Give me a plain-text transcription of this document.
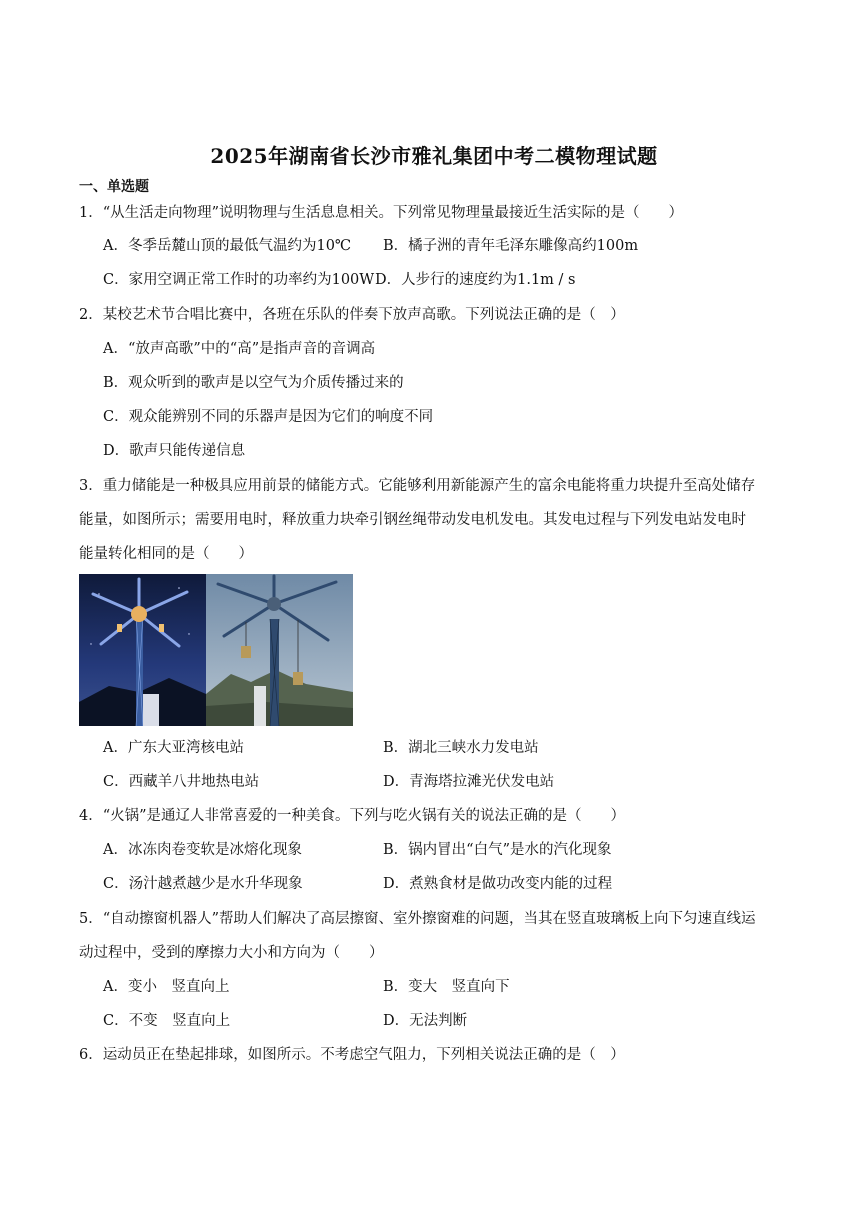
2025年湖南省长沙市雅礼集团中考二模物理试题
一、单选题
1．“从生活走向物理”说明物理与生活息息相关。下列常见物理量最接近生活实际的是（　　）
A．冬季岳麓山顶的最低气温约为10℃ B．橘子洲的青年毛泽东雕像高约100m
C．家用空调正常工作时的功率约为100W D．人步行的速度约为1.1m / s
2．某校艺术节合唱比赛中，各班在乐队的伴奏下放声高歌。下列说法正确的是（　）
A．“放声高歌”中的“高”是指声音的音调高
B．观众听到的歌声是以空气为介质传播过来的
C．观众能辨别不同的乐器声是因为它们的响度不同
D．歌声只能传递信息
3．重力储能是一种极具应用前景的储能方式。它能够利用新能源产生的富余电能将重力块提升至高处储存
能量，如图所示；需要用电时，释放重力块牵引钢丝绳带动发电机发电。其发电过程与下列发电站发电时
能量转化相同的是（　　）
A．广东大亚湾核电站	B．湖北三峡水力发电站
C．西藏羊八井地热电站	D．青海塔拉滩光伏发电站
4．“火锅”是通辽人非常喜爱的一种美食。下列与吃火锅有关的说法正确的是（　　）
A．冰冻肉卷变软是冰熔化现象	B．锅内冒出“白气”是水的汽化现象
C．汤汁越煮越少是水升华现象	D．煮熟食材是做功改变内能的过程
5．“自动擦窗机器人”帮助人们解决了高层擦窗、室外擦窗难的问题，当其在竖直玻璃板上向下匀速直线运
动过程中，受到的摩擦力大小和方向为（　　）
A．变小　竖直向上	B．变大　竖直向下
C．不变　竖直向上	D．无法判断
6．运动员正在垫起排球，如图所示。不考虑空气阻力，下列相关说法正确的是（　）
